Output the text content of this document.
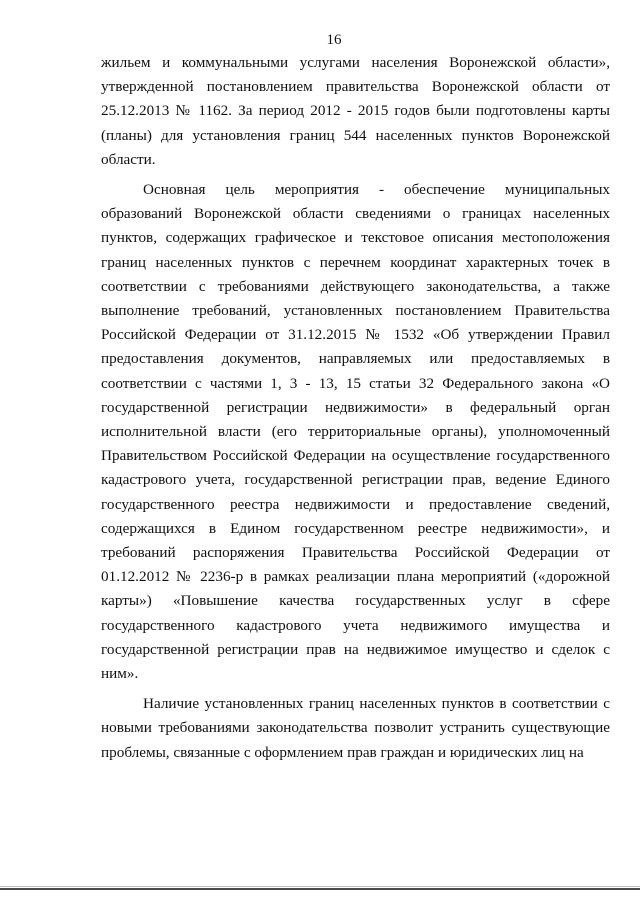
16

жильем и коммунальными услугами населения Воронежской области», утвержденной постановлением правительства Воронежской области от 25.12.2013 № 1162. За период 2012 - 2015 годов были подготовлены карты (планы) для установления границ 544 населенных пунктов Воронежской области.

Основная цель мероприятия - обеспечение муниципальных образований Воронежской области сведениями о границах населенных пунктов, содержащих графическое и текстовое описания местоположения границ населенных пунктов с перечнем координат характерных точек в соответствии с требованиями действующего законодательства, а также выполнение требований, установленных постановлением Правительства Российской Федерации от 31.12.2015 № 1532 «Об утверждении Правил предоставления документов, направляемых или предоставляемых в соответствии с частями 1, 3 - 13, 15 статьи 32 Федерального закона «О государственной регистрации недвижимости» в федеральный орган исполнительной власти (его территориальные органы), уполномоченный Правительством Российской Федерации на осуществление государственного кадастрового учета, государственной регистрации прав, ведение Единого государственного реестра недвижимости и предоставление сведений, содержащихся в Едином государственном реестре недвижимости», и требований распоряжения Правительства Российской Федерации от 01.12.2012 № 2236-р в рамках реализации плана мероприятий («дорожной карты») «Повышение качества государственных услуг в сфере государственного кадастрового учета недвижимого имущества и государственной регистрации прав на недвижимое имущество и сделок с ним».

Наличие установленных границ населенных пунктов в соответствии с новыми требованиями законодательства позволит устранить существующие проблемы, связанные с оформлением прав граждан и юридических лиц на
